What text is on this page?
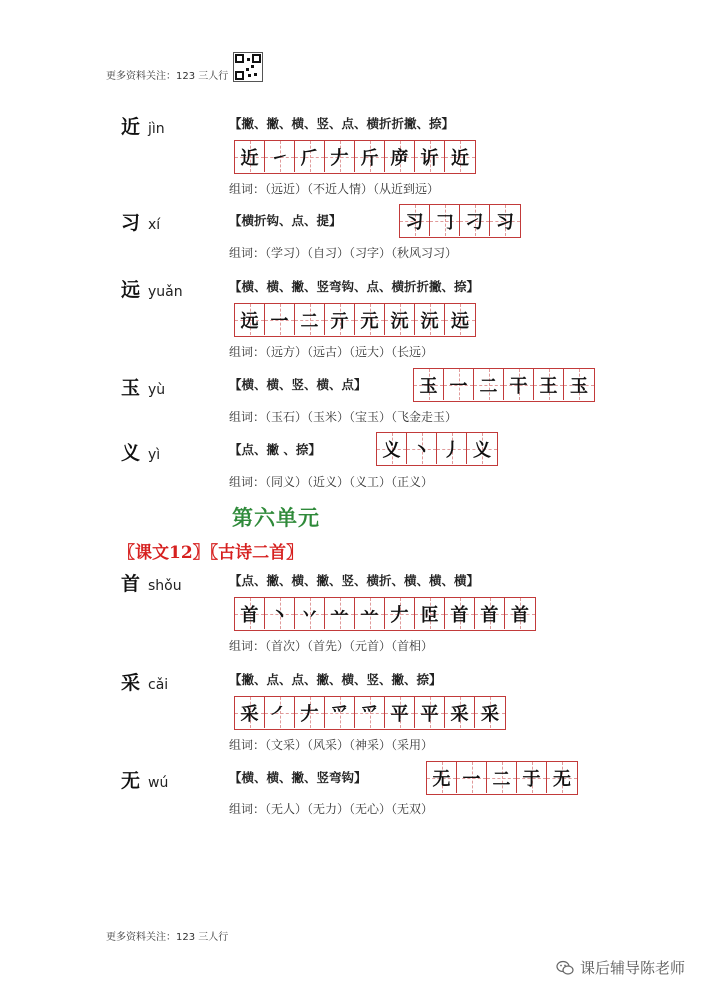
更多资料关注：123 三人行
近 jìn	【撇、撇、横、竖、点、横折折撇、捺】
近 ㇀ 𠂆 𠂇 斤 㡿 䜣 近
组词：（远近）（不近人情）（从近到远）
习 xí	【横折钩、点、提】	习 𠃌 刁 习
组词：（学习）（自习）（习字）（秋风习习）
远 yuǎn	【横、横、撇、竖弯钩、点、横折折撇、捺】
远 一 二 亓 元 沅 沅 远
组词：（远方）（远古）（远大）（长远）
玉 yù	【横、横、竖、横、点】	玉 一 二 干 王 玉
组词：（玉石）（玉米）（宝玉）（飞金走玉）
义 yì	【点、撇 、捺】	义 丶 丿 义
组词：（同义）（近义）（义工）（正义）
第六单元
〖课文12〗〖古诗二首〗
首 shǒu	【点、撇、横、撇、竖、横折、横、横、横】
首 丶 丷 䒑 䒑 𠂇 𦣝 首 首 首
组词：（首次）（首先）（元首）（首相）
采 cǎi	【撇、点、点、撇、横、竖、撇、捺】
采 ㇒ 𠂇 爫 爫 平 平 采 采
组词：（文采）（风采）（神采）（采用）
无 wú	【横、横、撇、竖弯钩】	无 一 二 于 无
组词：（无人）（无力）（无心）（无双）
更多资料关注：123 三人行
课后辅导陈老师
